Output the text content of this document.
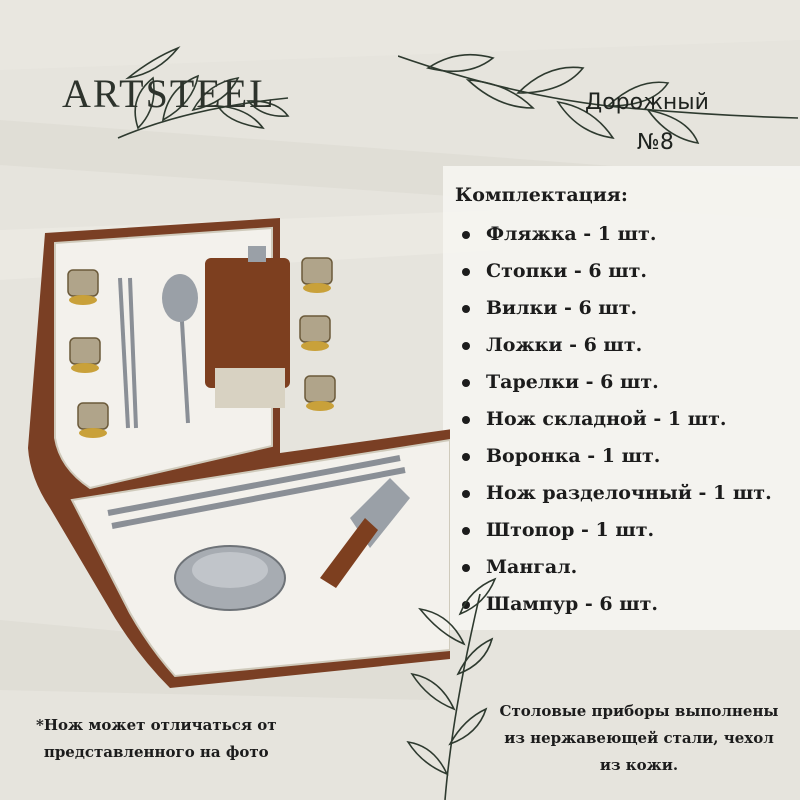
ARTSTEEL	Дорожный
№8
Комплектация:
Фляжка - 1 шт.
Стопки - 6 шт.
Вилки - 6 шт.
Ложки - 6 шт.
Тарелки - 6 шт.
Нож складной - 1 шт.
Воронка - 1 шт.
Нож разделочный - 1 шт.
Штопор - 1 шт.
Мангал.
Шампур - 6 шт.
*Нож может отличаться от
представленного на фото
Столовые приборы выполнены
из нержавеющей стали, чехол
из кожи.
